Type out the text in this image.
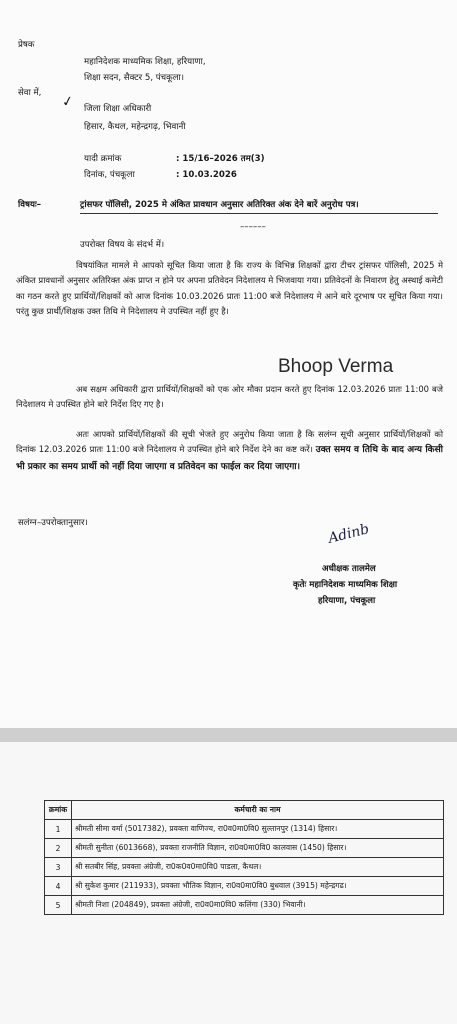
प्रेषक
महानिदेशक माध्यमिक शिक्षा, हरियाणा,
शिक्षा सदन, सैक्टर 5, पंचकूला।
सेवा में,
✓ जिला शिक्षा अधिकारी
हिसार, कैथल, महेन्द्रगढ़, भिवानी
यादी क्रमांक	: 15/16–2026 तम(3)
दिनांक, पंचकूला	: 10.03.2026
विषयः–	ट्रांसफर पॉलिसी, 2025 मे अंकित प्रावधान अनुसार अतिरिक्त अंक देने बारें अनुरोध पत्र।
––––––
उपरोक्त विषय के संदर्भ में।
विषयांकित मामले मे आपको सूचित किया जाता है कि राज्य के विभिन्न शिक्षकों द्वारा टीचर ट्रांसफर पॉलिसी, 2025 मे अंकित प्रावधानों अनुसार अतिरिक्त अंक प्राप्त न होने पर अपना प्रतिवेदन निदेशालय मे भिजवाया गया। प्रतिवेदनों के निवारण हेतु अस्थाई कमेटी का गठन करते हुए प्रार्थियों/शिक्षकों को आज दिनांक 10.03.2026 प्रातः 11:00 बजे निदेशालय मे आने बारे दूरभाष पर सूचित किया गया। परंतु कुछ प्रार्थी/शिक्षक उक्त तिथि मे निदेशालय मे उपस्थित नहीं हुए है।
अब सक्षम अधिकारी द्वारा प्रार्थियों/शिक्षकों को एक ओर मौका प्रदान करते हुए दिनांक 12.03.2026 प्रातः 11:00 बजे निदेशालय मे उपस्थित होने बारे निर्देश दिए गए है।
अतः आपको प्रार्थियों/शिक्षकों की सूची भेजते हुए अनुरोध किया जाता है कि सलंग्न सूची अनुसार प्रार्थियों/शिक्षकों को दिनांक 12.03.2026 प्रातः 11:00 बजे निदेशालय मे उपस्थित होने बारे निर्देश देने का कष्ट करें। उक्त समय व तिथि के बाद अन्य किसी भी प्रकार का समय प्रार्थी को नहीं दिया जाएगा व प्रतिवेदन का फाईल कर दिया जाएगा।
सलंग्न–उपरोक्तानुसार।
Bhoop Verma
Adinb
अधीक्षक तालमेल
कृतेः महानिदेशक माध्यमिक शिक्षा
हरियाणा, पंचकूला
क्रमांक	कर्मचारी का नाम
1	श्रीमती सीमा वर्मा (5017382), प्रवक्ता वाणिज्य, रा0व0मा0वि0 सुल्तानपुर (1314) हिसार।
2	श्रीमती सुनीता (6013668), प्रवक्ता राजनीति विज्ञान, रा0व0मा0वि0 कालवास (1450) हिसार।
3	श्री सतबीर सिंह, प्रवक्ता अंग्रेजी, रा0क0व0मा0वि0 पाडला, कैथल।
4	श्री सुकेश कुमार (211933), प्रवक्ता भौतिक विज्ञान, रा0व0मा0वि0 बुधवाल (3915) महेन्द्रगढ।
5	श्रीमती निशा (204849), प्रवक्ता अंग्रेजी, रा0व0मा0वि0 कलिंगा (330) भिवानी।
